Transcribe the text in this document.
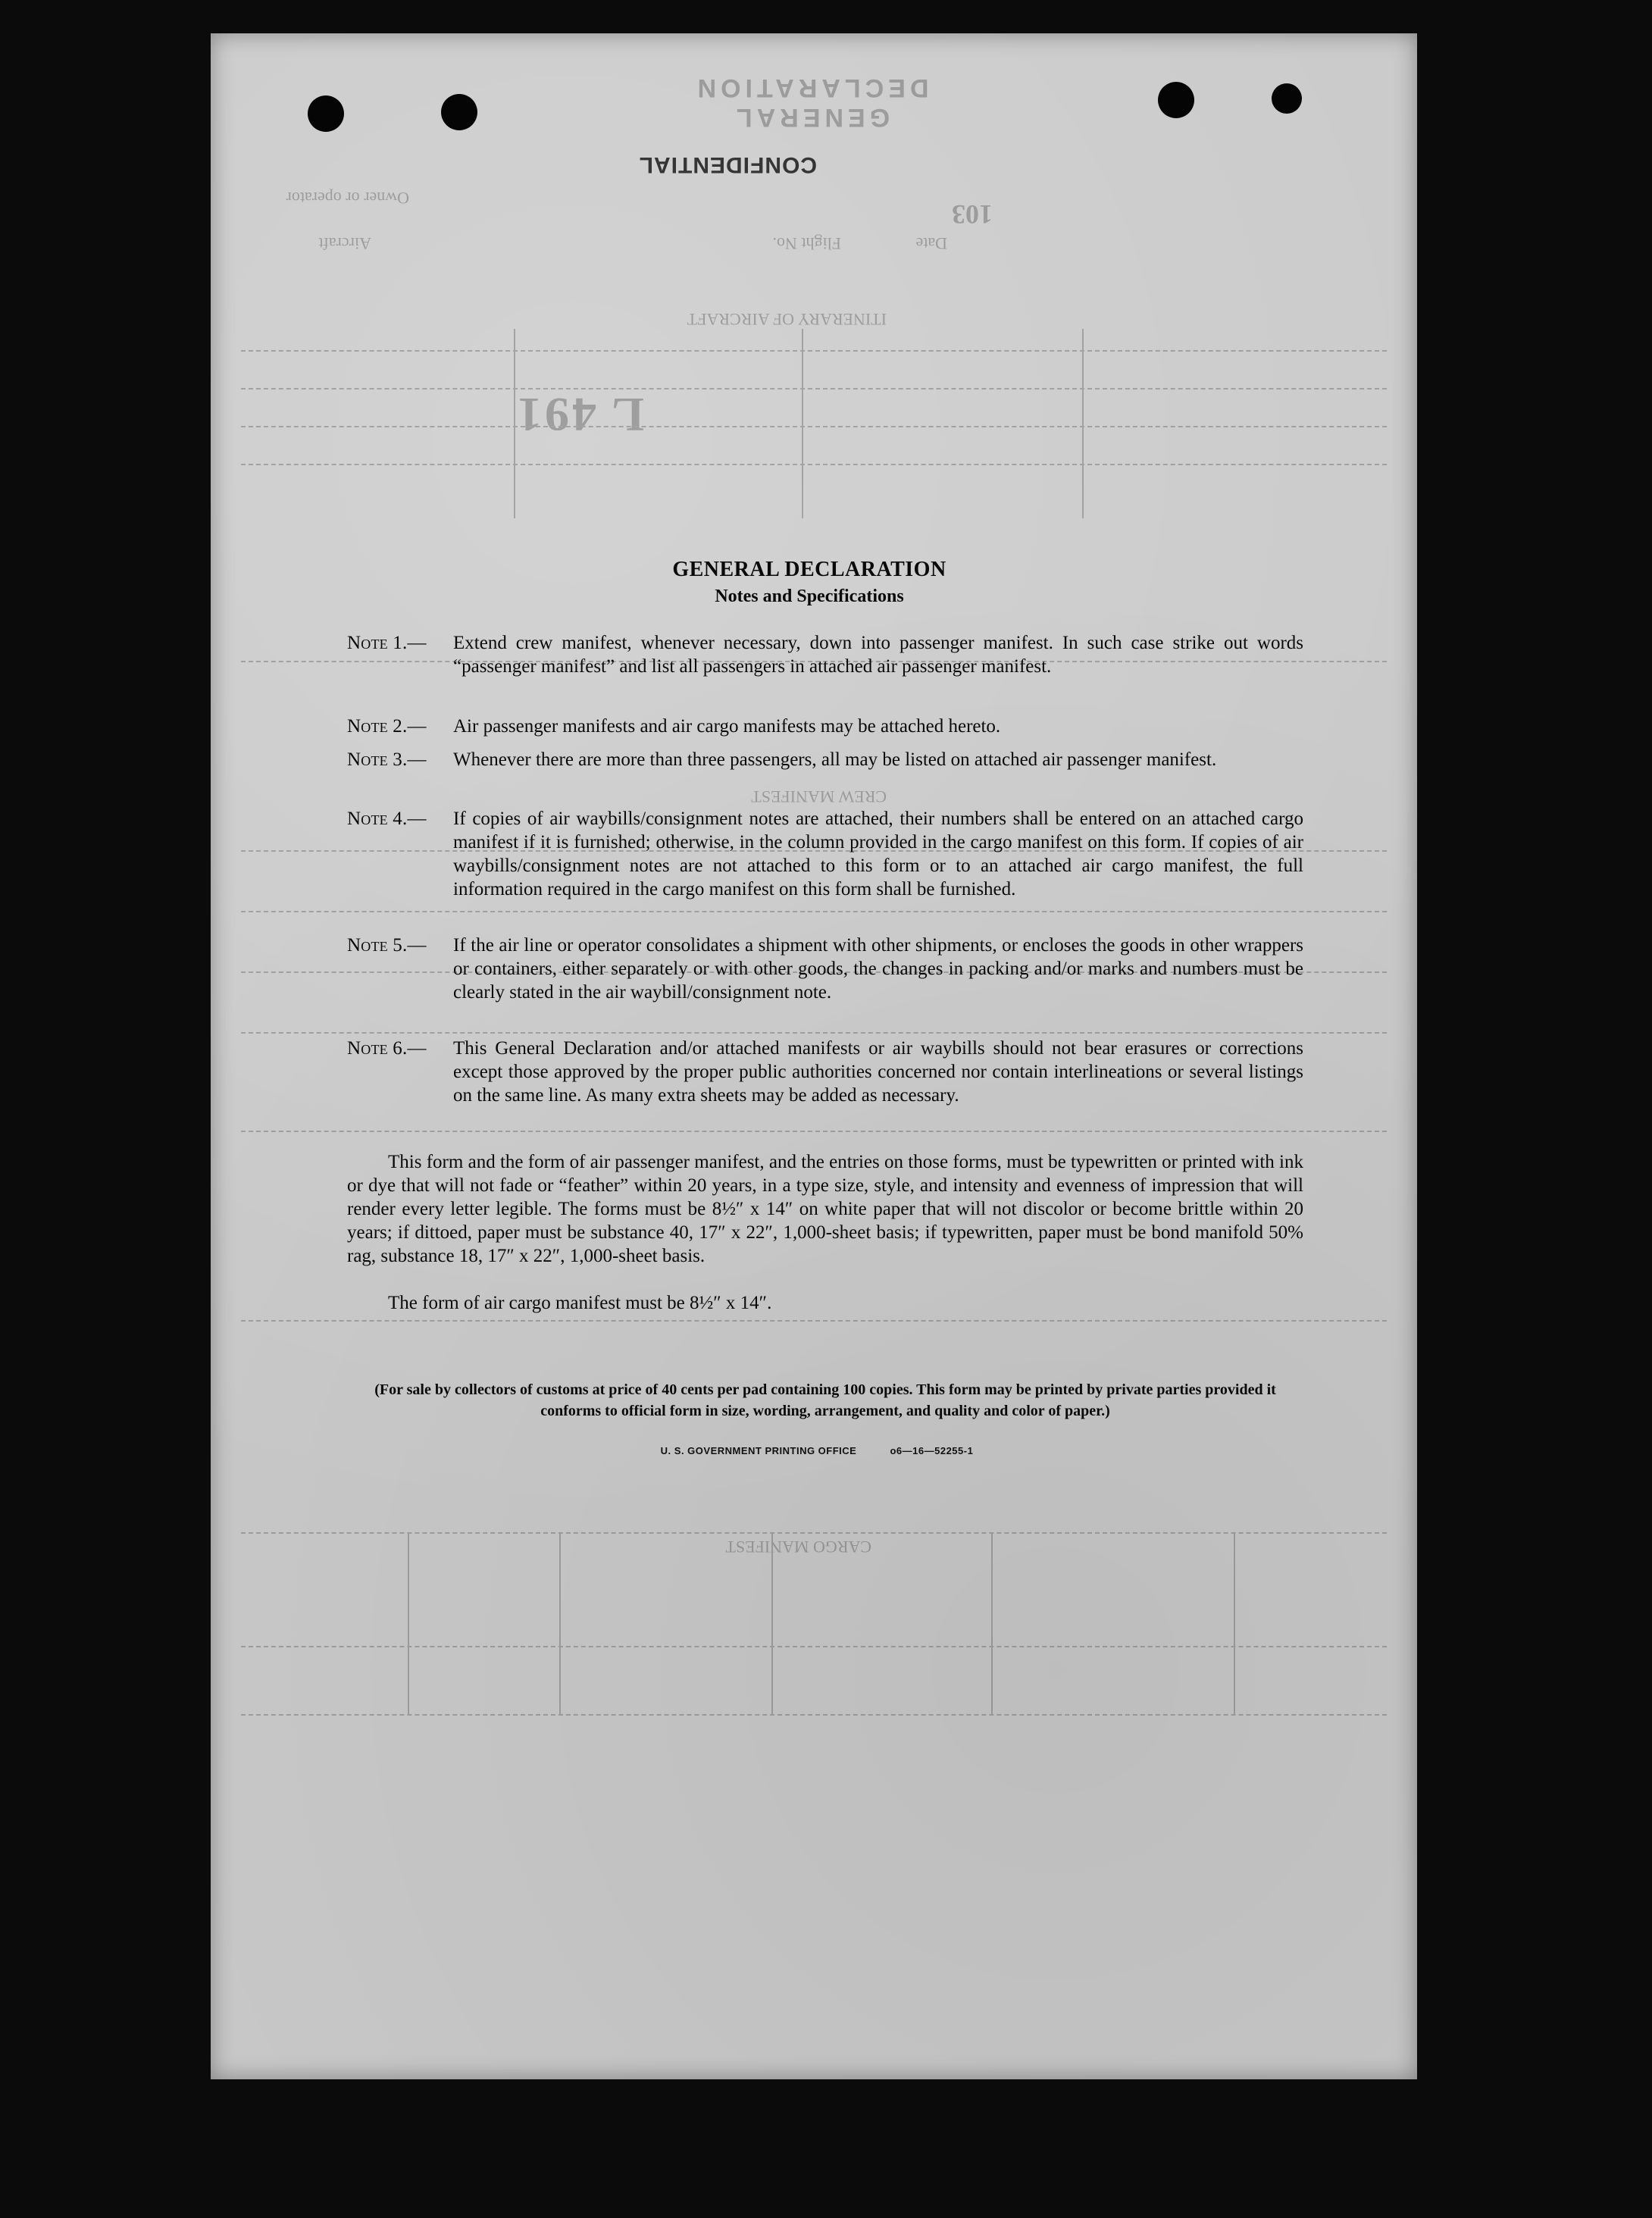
GENERAL DECLARATION
Owner or operator
Aircraft	Flight No.	Date
ITINERARY OF AIRCRAFT
103
L 491
CREW MANIFEST
CARGO MANIFEST
CONFIDENTIAL
GENERAL DECLARATION
Notes and Specifications
Note 1.— Extend crew manifest, whenever necessary, down into passenger manifest. In such case strike out words “passenger manifest” and list all passengers in attached air passenger manifest.
Note 2.— Air passenger manifests and air cargo manifests may be attached hereto.
Note 3.— Whenever there are more than three passengers, all may be listed on attached air passenger manifest.
Note 4.— If copies of air waybills/consignment notes are attached, their numbers shall be entered on an attached cargo manifest if it is furnished; otherwise, in the column provided in the cargo manifest on this form. If copies of air waybills/consignment notes are not attached to this form or to an attached air cargo manifest, the full information required in the cargo manifest on this form shall be furnished.
Note 5.— If the air line or operator consolidates a shipment with other shipments, or encloses the goods in other wrappers or containers, either separately or with other goods, the changes in packing and/or marks and numbers must be clearly stated in the air waybill/consignment note.
Note 6.— This General Declaration and/or attached manifests or air waybills should not bear erasures or corrections except those approved by the proper public authorities concerned nor contain interlineations or several listings on the same line. As many extra sheets may be added as necessary.
This form and the form of air passenger manifest, and the entries on those forms, must be typewritten or printed with ink or dye that will not fade or “feather” within 20 years, in a type size, style, and intensity and evenness of impression that will render every letter legible. The forms must be 8½″ x 14″ on white paper that will not discolor or become brittle within 20 years; if dittoed, paper must be substance 40, 17″ x 22″, 1,000-sheet basis; if typewritten, paper must be bond manifold 50% rag, substance 18, 17″ x 22″, 1,000-sheet basis.
The form of air cargo manifest must be 8½″ x 14″.
(For sale by collectors of customs at price of 40 cents per pad containing 100 copies. This form may be printed by private parties provided it conforms to official form in size, wording, arrangement, and quality and color of paper.)
U. S. GOVERNMENT PRINTING OFFICE	o6—16—52255-1
